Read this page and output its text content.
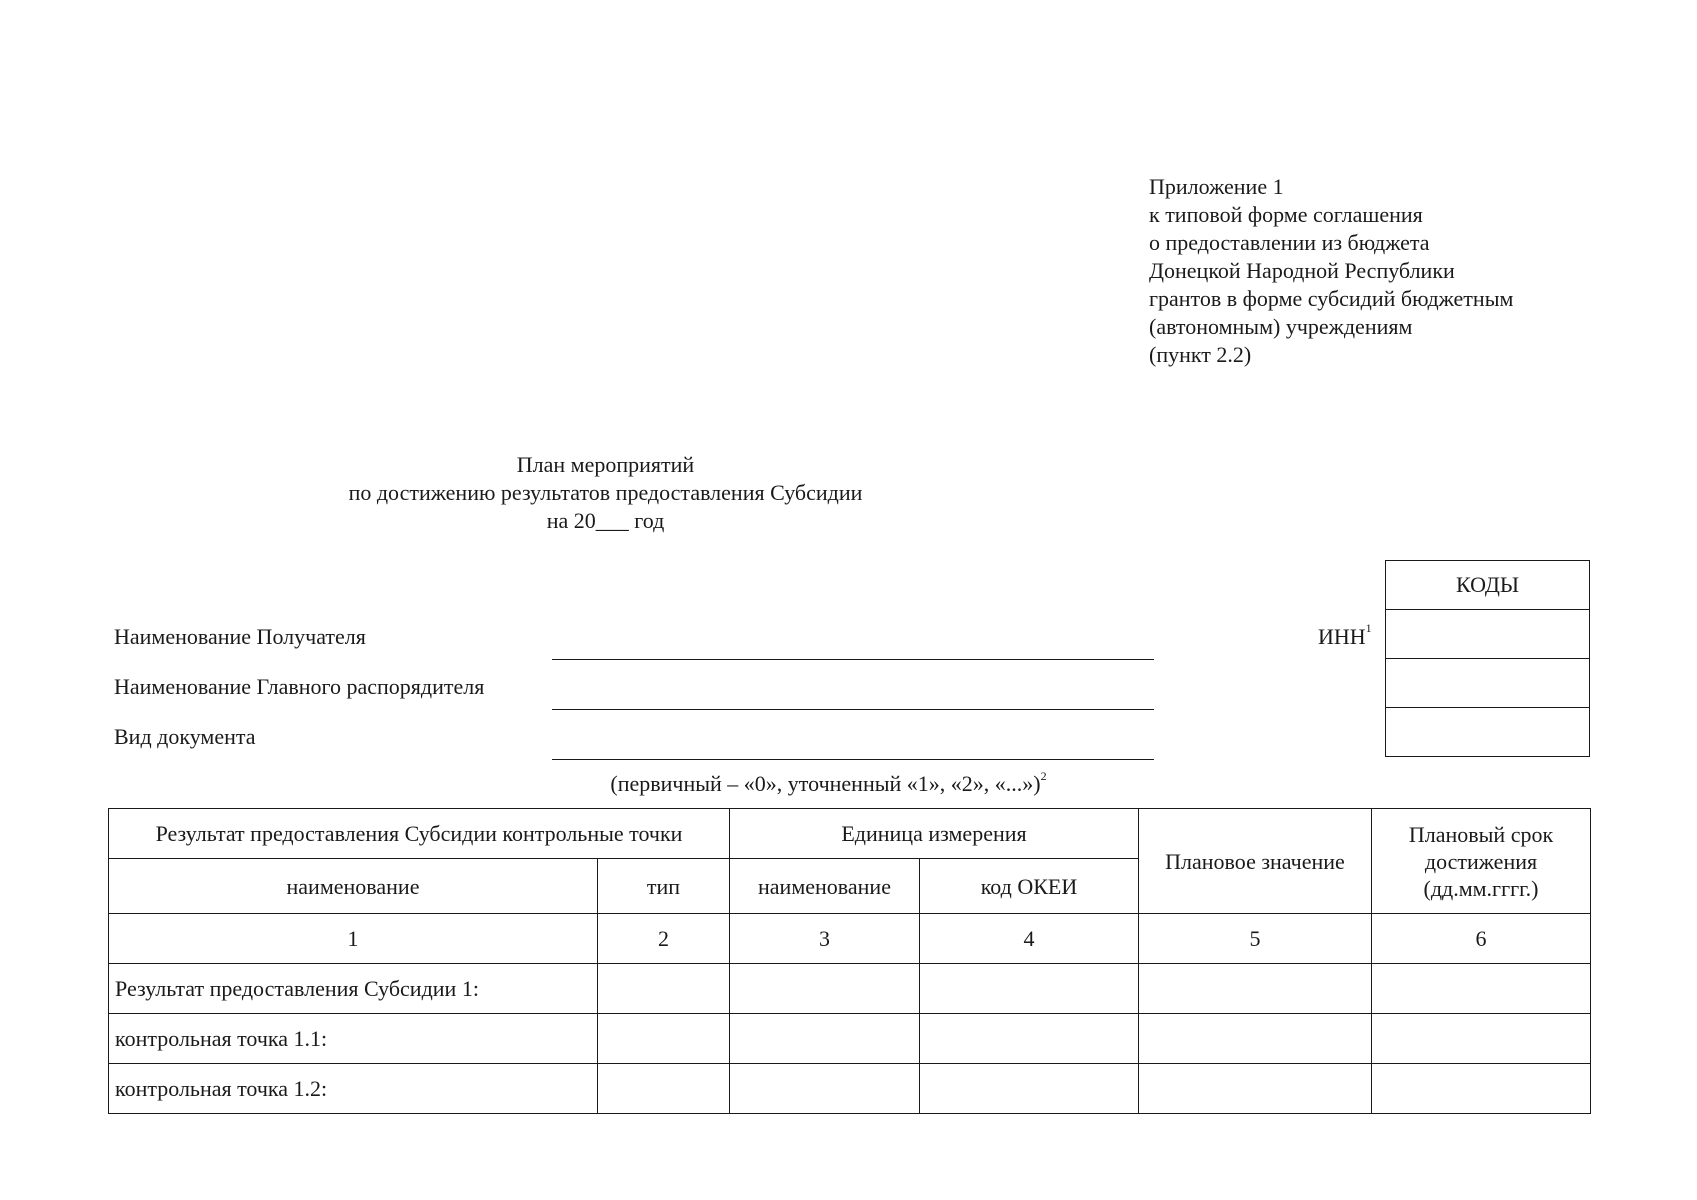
Приложение 1
к типовой форме соглашения
о предоставлении из бюджета
Донецкой Народной Республики
грантов в форме субсидий бюджетным
(автономным) учреждениям
(пункт 2.2)
План мероприятий
по достижению результатов предоставления Субсидии
на 20___ год
Наименование Получателя
Наименование Главного распорядителя
Вид документа
(первичный – «0», уточненный «1», «2», «...»)$^2$
ИНН$^1$
КОДЫ

Результат предоставления Субсидии контрольные точки		Единица измерения		Плановое значение	Плановый срок
достижения
(дд.мм.гггг.)

наименование	тип	наименование	код ОКЕИ		
1	2	3	4	5	6
Результат предоставления Субсидии 1:					
контрольная точка 1.1:					
контрольная точка 1.2:					
